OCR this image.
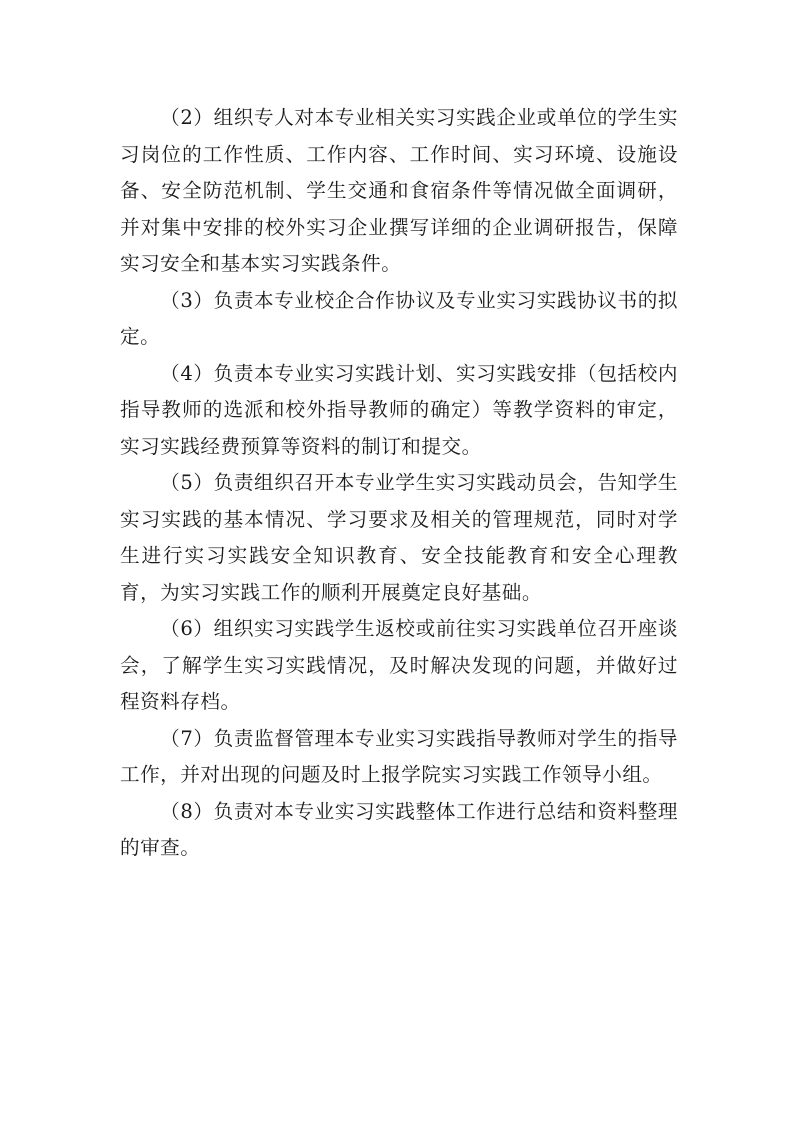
（2）组织专人对本专业相关实习实践企业或单位的学生实习岗位的工作性质、工作内容、工作时间、实习环境、设施设备、安全防范机制、学生交通和食宿条件等情况做全面调研，并对集中安排的校外实习企业撰写详细的企业调研报告，保障实习安全和基本实习实践条件。

（3）负责本专业校企合作协议及专业实习实践协议书的拟定。

（4）负责本专业实习实践计划、实习实践安排（包括校内指导教师的选派和校外指导教师的确定）等教学资料的审定，实习实践经费预算等资料的制订和提交。

（5）负责组织召开本专业学生实习实践动员会，告知学生实习实践的基本情况、学习要求及相关的管理规范，同时对学生进行实习实践安全知识教育、安全技能教育和安全心理教育，为实习实践工作的顺利开展奠定良好基础。

（6）组织实习实践学生返校或前往实习实践单位召开座谈会，了解学生实习实践情况，及时解决发现的问题，并做好过程资料存档。

（7）负责监督管理本专业实习实践指导教师对学生的指导工作，并对出现的问题及时上报学院实习实践工作领导小组。

（8）负责对本专业实习实践整体工作进行总结和资料整理的审查。
